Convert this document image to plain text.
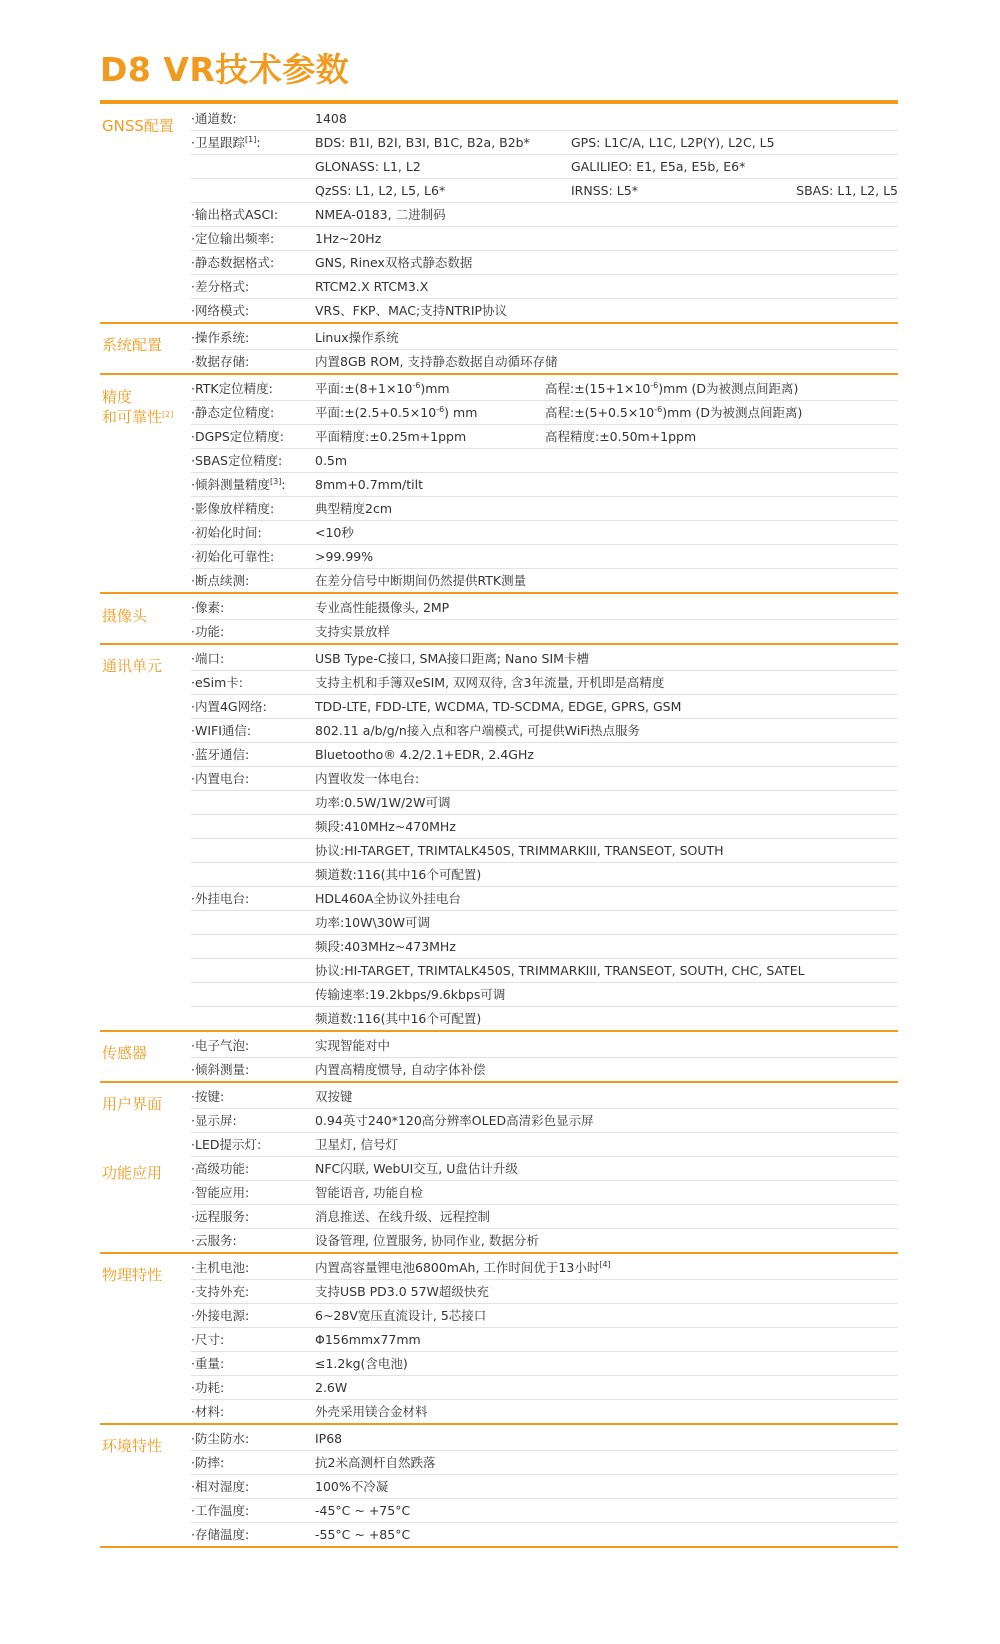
D8 VR技术参数
GNSS配置 ·通道数:	1408
·卫星跟踪[1]:	BDS: B1I, B2I, B3I, B1C, B2a, B2b*	GPS: L1C/A, L1C, L2P(Y), L2C, L5
GLONASS: L1, L2	GALILIEO: E1, E5a, E5b, E6*
QzSS: L1, L2, L5, L6*	IRNSS: L5*	SBAS: L1, L2, L5
·输出格式ASCI:	NMEA-0183, 二进制码
·定位输出频率:	1Hz~20Hz
·静态数据格式:	GNS, Rinex双格式静态数据
·差分格式:	RTCM2.X RTCM3.X
·网络模式:	VRS、FKP、MAC;支持NTRIP协议
系统配置 ·操作系统:	Linux操作系统
·数据存储:	内置8GB ROM, 支持静态数据自动循环存储
精度
和可靠性[2]
·RTK定位精度:	平面$:\pm(8+1\times 10^{-6})mm$	高程$:\pm(15+1\times 10^{-6})mm$ (D为被测点间距离)
·静态定位精度:	平面$:\pm(2.5+0.5\times 10^{-6})$ mm	高程$:\pm(5+0.5\times 10^{-6})mm$ (D为被测点间距离)
·DGPS定位精度: 平面精度:±0.25m+1ppm	高程精度:±0.50m+1ppm
·SBAS定位精度:	0.5m
·倾斜测量精度[3]: 8mm+0.7mm/tilt
·影像放样精度:	典型精度2cm
·初始化时间:	<10秒
·初始化可靠性:	>99.99%
·断点续测:	在差分信号中断期间仍然提供RTK测量
摄像头	·像素:	专业高性能摄像头, 2MP
·功能:	支持实景放样
通讯单元 ·端口:	USB Type-C接口, SMA接口距离; Nano SIM卡槽
·eSim卡:	支持主机和手簿双eSIM, 双网双待, 含3年流量, 开机即是高精度
·内置4G网络:	TDD-LTE, FDD-LTE, WCDMA, TD-SCDMA, EDGE, GPRS, GSM
·WIFI通信:	802.11 a/b/g/n接入点和客户端模式, 可提供WiFi热点服务
·蓝牙通信:	Bluetootho® 4.2/2.1+EDR, 2.4GHz
·内置电台:	内置收发一体电台:
功率:0.5W/1W/2W可调
频段:410MHz~470MHz
协议:HI-TARGET, TRIMTALK450S, TRIMMARKIII, TRANSEOT, SOUTH
频道数:116(其中16个可配置)
·外挂电台:	HDL460A全协议外挂电台
功率:10W\30W可调
频段:403MHz~473MHz
协议:HI-TARGET, TRIMTALK450S, TRIMMARKIII, TRANSEOT, SOUTH, CHC, SATEL
传输速率:19.2kbps/9.6kbps可调
频道数:116(其中16个可配置)
传感器	·电子气泡:	实现智能对中
·倾斜测量:	内置高精度惯导, 自动字体补偿
用户界面
功能应用
·按键:	双按键
·显示屏:	0.94英寸240*120高分辨率OLED高清彩色显示屏
·LED提示灯:	卫星灯, 信号灯
·高级功能:	NFC闪联, WebUI交互, U盘估计升级
·智能应用:	智能语音, 功能自检
·远程服务:	消息推送、在线升级、远程控制
·云服务:	设备管理, 位置服务, 协同作业, 数据分析
物理特性 ·主机电池:	内置高容量锂电池6800mAh, 工作时间优于13小时[4]
·支持外充:	支持USB PD3.0 57W超级快充
·外接电源:	6~28V宽压直流设计, 5芯接口
·尺寸:	Φ156mmx77mm
·重量:	≤1.2kg(含电池)
·功耗:	2.6W
·材料:	外壳采用镁合金材料
环境特性 ·防尘防水:	IP68
·防摔:	抗2米高测杆自然跌落
·相对湿度:	100%不冷凝
·工作温度:	-45°C ~ +75°C
·存储温度:	-55°C ~ +85°C
